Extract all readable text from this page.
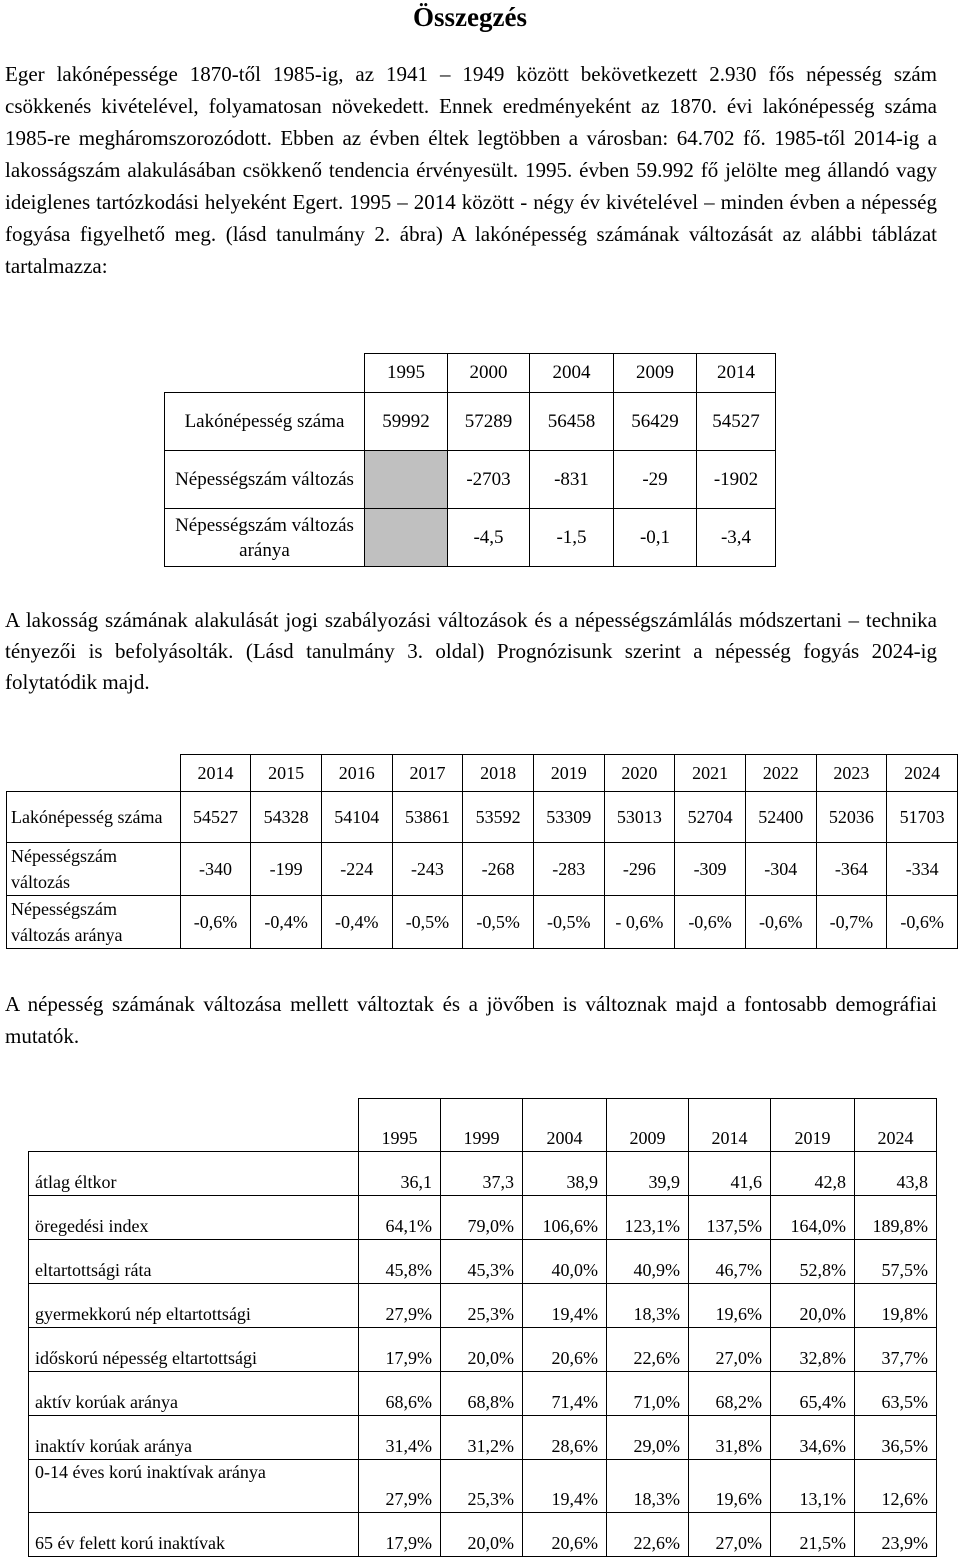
Összegzés

Eger lakónépessége 1870-től 1985-ig, az 1941 – 1949 között bekövetkezett 2.930 fős népesség szám csökkenés kivételével, folyamatosan növekedett. Ennek eredményeként az 1870. évi lakónépesség száma 1985-re megháromszorozódott. Ebben az évben éltek legtöbben a városban: 64.702 fő. 1985-től 2014-ig a lakosságszám alakulásában csökkenő tendencia érvényesült. 1995. évben 59.992 fő jelölte meg állandó vagy ideiglenes tartózkodási helyeként Egert. 1995 – 2014 között - négy év kivételével – minden évben a népesség fogyása figyelhető meg. (lásd tanulmány 2. ábra) A lakónépesség számának változását az alábbi táblázat tartalmazza:

	1995	2000	2004	2009	2014
Lakónépesség száma	59992	57289	56458	56429	54527
Népességszám változás		-2703	-831	-29	-1902
Népességszám változás aránya		-4,5	-1,5	-0,1	-3,4

A lakosság számának alakulását jogi szabályozási változások és a népességszámlálás módszertani – technika tényezői is befolyásolták. (Lásd tanulmány 3. oldal) Prognózisunk szerint a népesség fogyás 2024-ig folytatódik majd.

	2014	2015	2016	2017	2018	2019	2020	2021	2022	2023	2024
Lakónépesség száma	54527	54328	54104	53861	53592	53309	53013	52704	52400	52036	51703
Népességszám változás	-340	-199	-224	-243	-268	-283	-296	-309	-304	-364	-334
Népességszám változás aránya	-0,6%	-0,4%	-0,4%	-0,5%	-0,5%	-0,5%	- 0,6%	-0,6%	-0,6%	-0,7%	-0,6%

A népesség számának változása mellett változtak és a jövőben is változnak majd a fontosabb demográfiai mutatók.

	1995	1999	2004	2009	2014	2019	2024
átlag éltkor	36,1	37,3	38,9	39,9	41,6	42,8	43,8
öregedési index	64,1%	79,0%	106,6%	123,1%	137,5%	164,0%	189,8%
eltartottsági ráta	45,8%	45,3%	40,0%	40,9%	46,7%	52,8%	57,5%
gyermekkorú nép eltartottsági	27,9%	25,3%	19,4%	18,3%	19,6%	20,0%	19,8%
időskorú népesség eltartottsági	17,9%	20,0%	20,6%	22,6%	27,0%	32,8%	37,7%
aktív korúak aránya	68,6%	68,8%	71,4%	71,0%	68,2%	65,4%	63,5%
inaktív korúak aránya	31,4%	31,2%	28,6%	29,0%	31,8%	34,6%	36,5%
0-14 éves korú inaktívak aránya	27,9%	25,3%	19,4%	18,3%	19,6%	13,1%	12,6%
65 év felett korú inaktívak	17,9%	20,0%	20,6%	22,6%	27,0%	21,5%	23,9%
